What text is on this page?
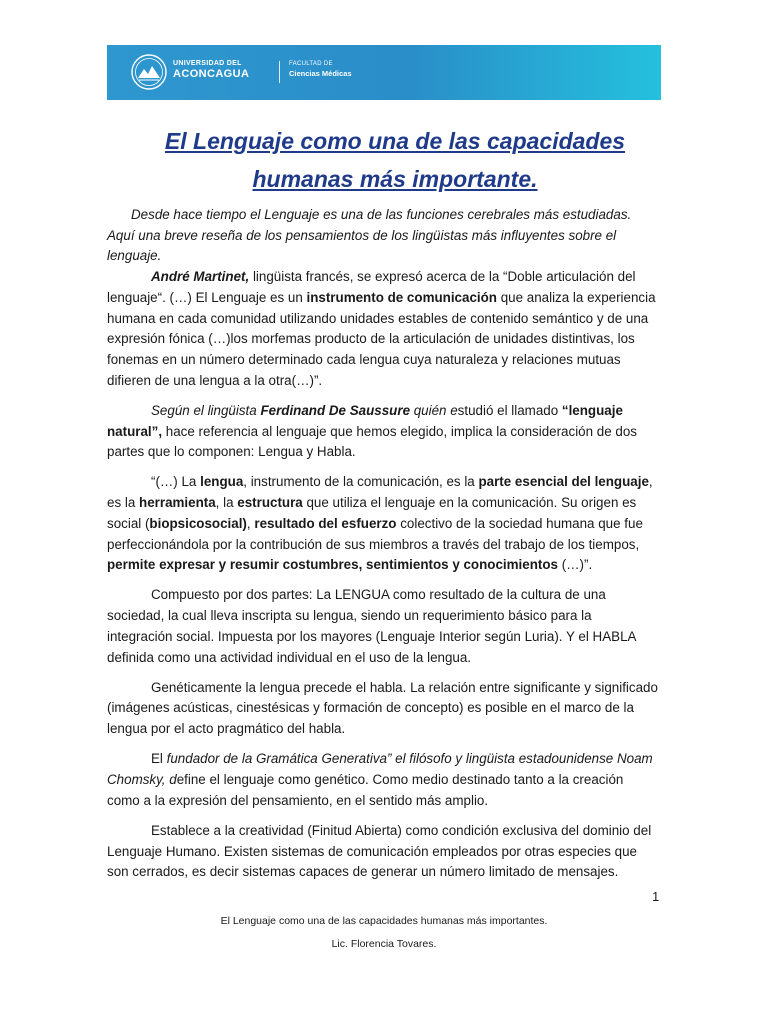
UNIVERSIDAD DEL
ACONCAGUA
FACULTAD DE
Ciencias Médicas
El Lenguaje como una de las capacidades
humanas más importante.

Desde hace tiempo el Lenguaje es una de las funciones cerebrales más estudiadas. Aquí una breve reseña de los pensamientos de los lingüistas más influyentes sobre el lenguaje.

André Martinet, lingüista francés, se expresó acerca de la “Doble articulación del lenguaje“. (…) El Lenguaje es un instrumento de comunicación que analiza la experiencia humana en cada comunidad utilizando unidades estables de contenido semántico y de una expresión fónica (…)los morfemas producto de la articulación de unidades distintivas, los fonemas en un número determinado cada lengua cuya naturaleza y relaciones mutuas difieren de una lengua a la otra(…)”.

Según el lingüista Ferdinand De Saussure quién estudió el llamado “lenguaje natural”, hace referencia al lenguaje que hemos elegido, implica la consideración de dos partes que lo componen: Lengua y Habla.

“(…) La lengua, instrumento de la comunicación, es la parte esencial del lenguaje, es la herramienta, la estructura que utiliza el lenguaje en la comunicación. Su origen es social (biopsicosocial), resultado del esfuerzo colectivo de la sociedad humana que fue perfeccionándola por la contribución de sus miembros a través del trabajo de los tiempos, permite expresar y resumir costumbres, sentimientos y conocimientos (…)”.

Compuesto por dos partes: La LENGUA como resultado de la cultura de una sociedad, la cual lleva inscripta su lengua, siendo un requerimiento básico para la integración social. Impuesta por los mayores (Lenguaje Interior según Luria). Y el HABLA definida como una actividad individual en el uso de la lengua.

Genéticamente la lengua precede el habla. La relación entre significante y significado (imágenes acústicas, cinestésicas y formación de concepto) es posible en el marco de la lengua por el acto pragmático del habla.

El fundador de la Gramática Generativa” el filósofo y lingüista estadounidense Noam Chomsky, define el lenguaje como genético. Como medio destinado tanto a la creación como a la expresión del pensamiento, en el sentido más amplio.

Establece a la creatividad (Finitud Abierta) como condición exclusiva del dominio del Lenguaje Humano. Existen sistemas de comunicación empleados por otras especies que son cerrados, es decir sistemas capaces de generar un número limitado de mensajes.

1
El Lenguaje como una de las capacidades humanas más importantes.
Lic. Florencia Tovares.
